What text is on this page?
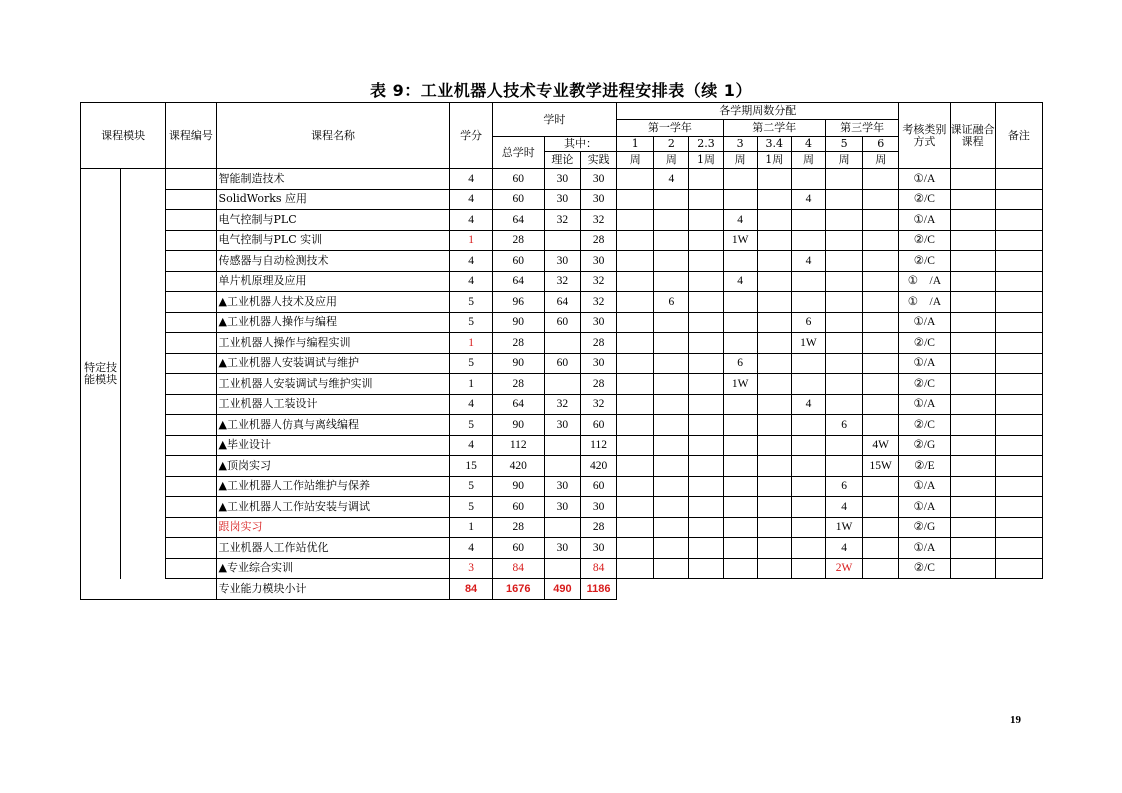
表 9：工业机器人技术专业教学进程安排表（续 1）
课程模块		课程编号	课程名称	学分	学时			各学期周数分配								考核类别方式	课证融合课程	备注
								第一学年			第二学年			第三学年				
					总学时	其中：		1	2	2.3	3	3.4	4	5	6			
						理论	实践	周	周	1周	周	1周	周	周	周			
特定技能模块			智能制造技术	4	60	30	30		4							①/A		
			SolidWorks 应用	4	60	30	30						4			②/C		
			电气控制与PLC	4	64	32	32				4					①/A		
			电气控制与PLC 实训	1	28		28				1W					②/C		
			传感器与自动检测技术	4	60	30	30						4			②/C		
			单片机原理及应用	4	64	32	32				4					①　/A		
			▲工业机器人技术及应用	5	96	64	32		6							①　/A		
			▲工业机器人操作与编程	5	90	60	30						6			①/A		
			工业机器人操作与编程实训	1	28		28						1W			②/C		
			▲工业机器人安装调试与维护	5	90	60	30				6					①/A		
			工业机器人安装调试与维护实训	1	28		28				1W					②/C		
			工业机器人工装设计	4	64	32	32						4			①/A		
			▲工业机器人仿真与离线编程	5	90	30	60							6		②/C		
			▲毕业设计	4	112		112								4W	②/G		
			▲顶岗实习	15	420		420								15W	②/E		
			▲工业机器人工作站维护与保养	5	90	30	60							6		①/A		
			▲工业机器人工作站安装与调试	5	60	30	30							4		①/A		
			跟岗实习	1	28		28							1W		②/G		
			工业机器人工作站优化	4	60	30	30							4		①/A		
			▲专业综合实训	3	84		84							2W		②/C		
			专业能力模块小计	84	1676	490	1186											
19
